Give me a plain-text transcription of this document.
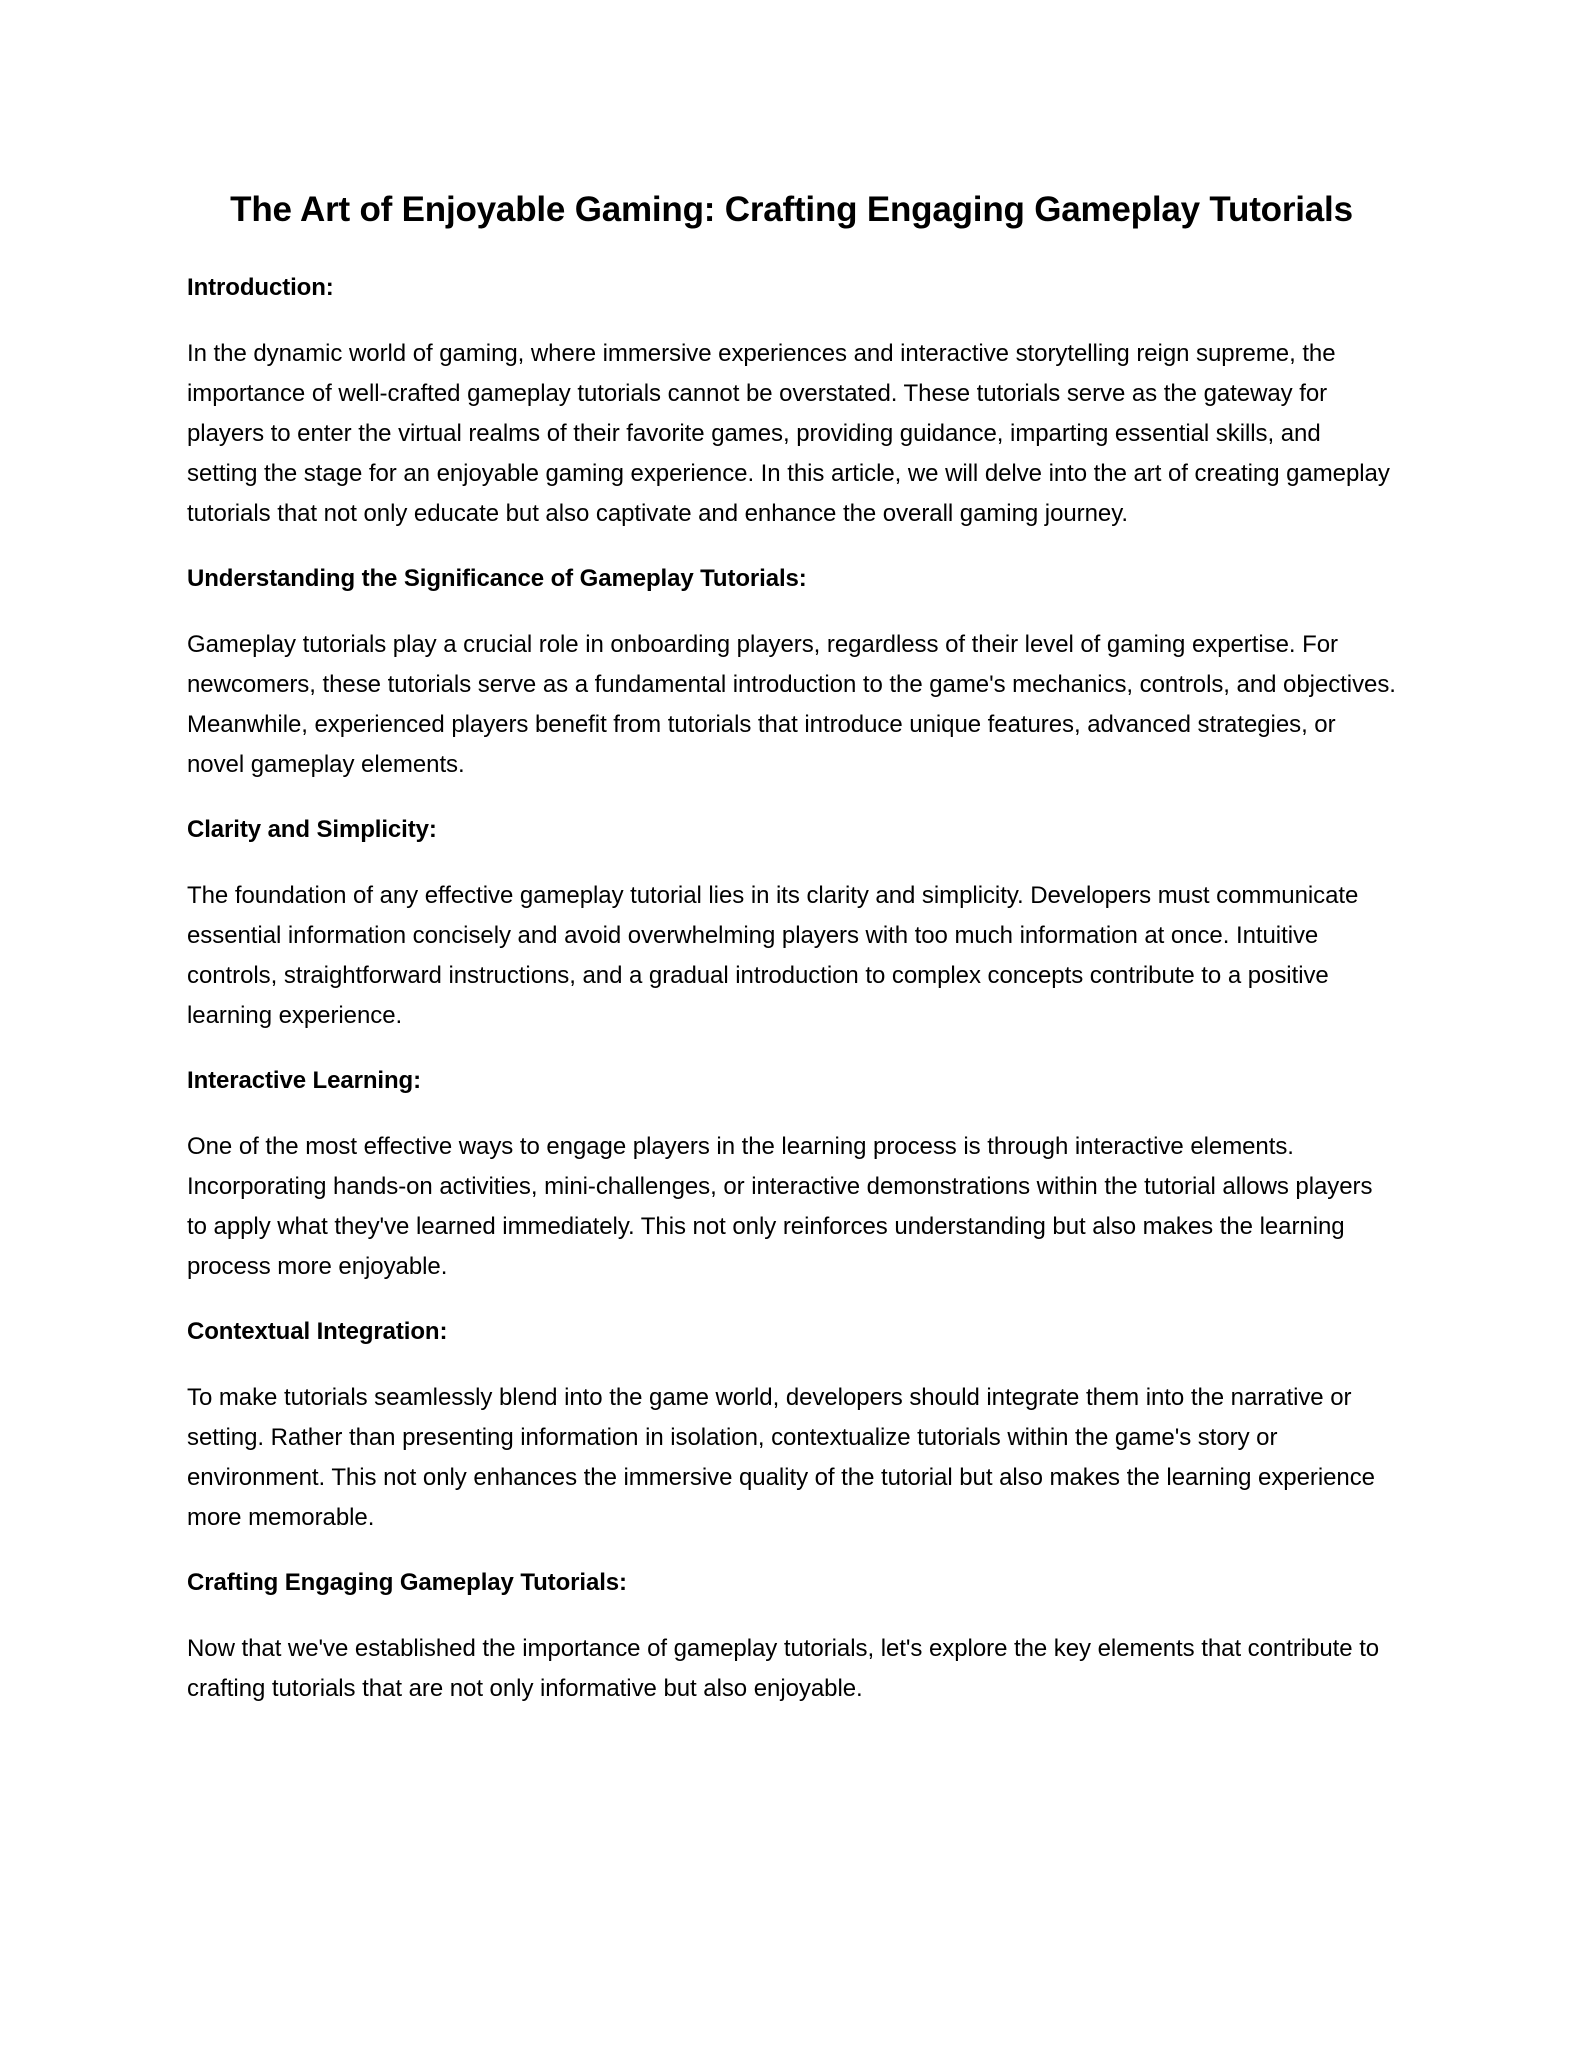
The Art of Enjoyable Gaming: Crafting Engaging Gameplay Tutorials
Introduction:

In the dynamic world of gaming, where immersive experiences and interactive storytelling reign supreme, the importance of well-crafted gameplay tutorials cannot be overstated. These tutorials serve as the gateway for players to enter the virtual realms of their favorite games, providing guidance, imparting essential skills, and setting the stage for an enjoyable gaming experience. In this article, we will delve into the art of creating gameplay tutorials that not only educate but also captivate and enhance the overall gaming journey.

Understanding the Significance of Gameplay Tutorials:

Gameplay tutorials play a crucial role in onboarding players, regardless of their level of gaming expertise. For newcomers, these tutorials serve as a fundamental introduction to the game's mechanics, controls, and objectives. Meanwhile, experienced players benefit from tutorials that introduce unique features, advanced strategies, or novel gameplay elements.

Clarity and Simplicity:

The foundation of any effective gameplay tutorial lies in its clarity and simplicity. Developers must communicate essential information concisely and avoid overwhelming players with too much information at once. Intuitive controls, straightforward instructions, and a gradual introduction to complex concepts contribute to a positive learning experience.

Interactive Learning:

One of the most effective ways to engage players in the learning process is through interactive elements. Incorporating hands-on activities, mini-challenges, or interactive demonstrations within the tutorial allows players to apply what they've learned immediately. This not only reinforces understanding but also makes the learning process more enjoyable.

Contextual Integration:

To make tutorials seamlessly blend into the game world, developers should integrate them into the narrative or setting. Rather than presenting information in isolation, contextualize tutorials within the game's story or environment. This not only enhances the immersive quality of the tutorial but also makes the learning experience more memorable.

Crafting Engaging Gameplay Tutorials:

Now that we've established the importance of gameplay tutorials, let's explore the key elements that contribute to crafting tutorials that are not only informative but also enjoyable.
